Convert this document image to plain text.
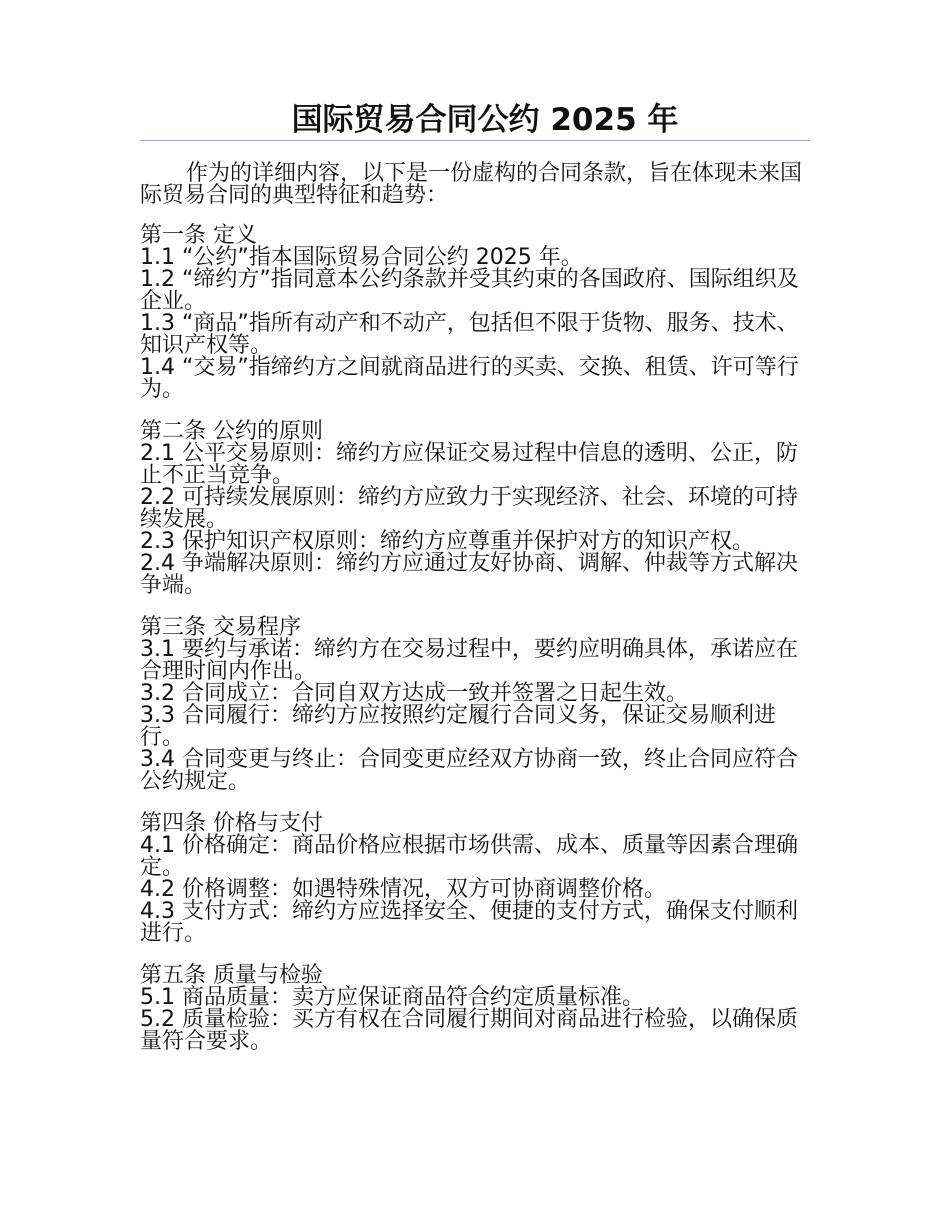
国际贸易合同公约 2025 年

作为的详细内容，以下是一份虚构的合同条款，旨在体现未来国际贸易合同的典型特征和趋势：

第一条 定义

1.1 “公约”指本国际贸易合同公约 2025 年。

1.2 “缔约方”指同意本公约条款并受其约束的各国政府、国际组织及企业。

1.3 “商品”指所有动产和不动产，包括但不限于货物、服务、技术、知识产权等。

1.4 “交易”指缔约方之间就商品进行的买卖、交换、租赁、许可等行为。

第二条 公约的原则

2.1 公平交易原则：缔约方应保证交易过程中信息的透明、公正，防止不正当竞争。

2.2 可持续发展原则：缔约方应致力于实现经济、社会、环境的可持续发展。

2.3 保护知识产权原则：缔约方应尊重并保护对方的知识产权。

2.4 争端解决原则：缔约方应通过友好协商、调解、仲裁等方式解决争端。

第三条 交易程序

3.1 要约与承诺：缔约方在交易过程中，要约应明确具体，承诺应在合理时间内作出。

3.2 合同成立：合同自双方达成一致并签署之日起生效。

3.3 合同履行：缔约方应按照约定履行合同义务，保证交易顺利进行。

3.4 合同变更与终止：合同变更应经双方协商一致，终止合同应符合公约规定。

第四条 价格与支付

4.1 价格确定：商品价格应根据市场供需、成本、质量等因素合理确定。

4.2 价格调整：如遇特殊情况，双方可协商调整价格。

4.3 支付方式：缔约方应选择安全、便捷的支付方式，确保支付顺利进行。

第五条 质量与检验

5.1 商品质量：卖方应保证商品符合约定质量标准。

5.2 质量检验：买方有权在合同履行期间对商品进行检验，以确保质量符合要求。
